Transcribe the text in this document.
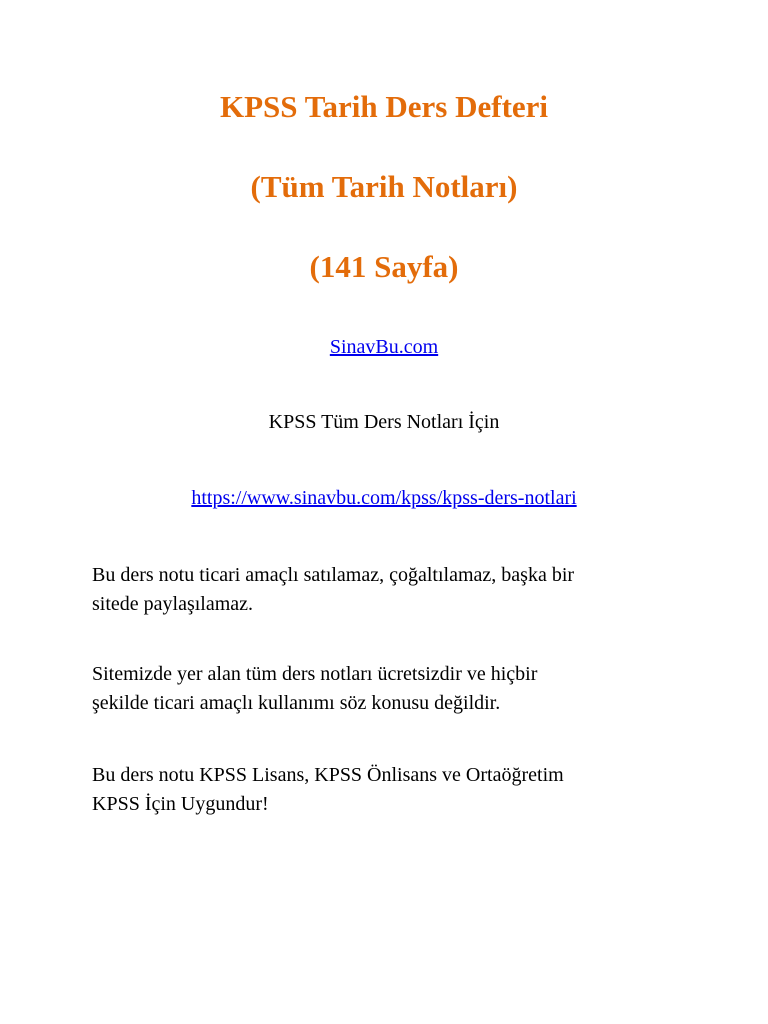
KPSS Tarih Ders Defteri
(Tüm Tarih Notları)
(141 Sayfa)

SinavBu.com

KPSS Tüm Ders Notları İçin

https://www.sinavbu.com/kpss/kpss-ders-notlari

Bu ders notu ticari amaçlı satılamaz, çoğaltılamaz, başka bir
sitede paylaşılamaz.

Sitemizde yer alan tüm ders notları ücretsizdir ve hiçbir
şekilde ticari amaçlı kullanımı söz konusu değildir.

Bu ders notu KPSS Lisans, KPSS Önlisans ve Ortaöğretim
KPSS İçin Uygundur!
